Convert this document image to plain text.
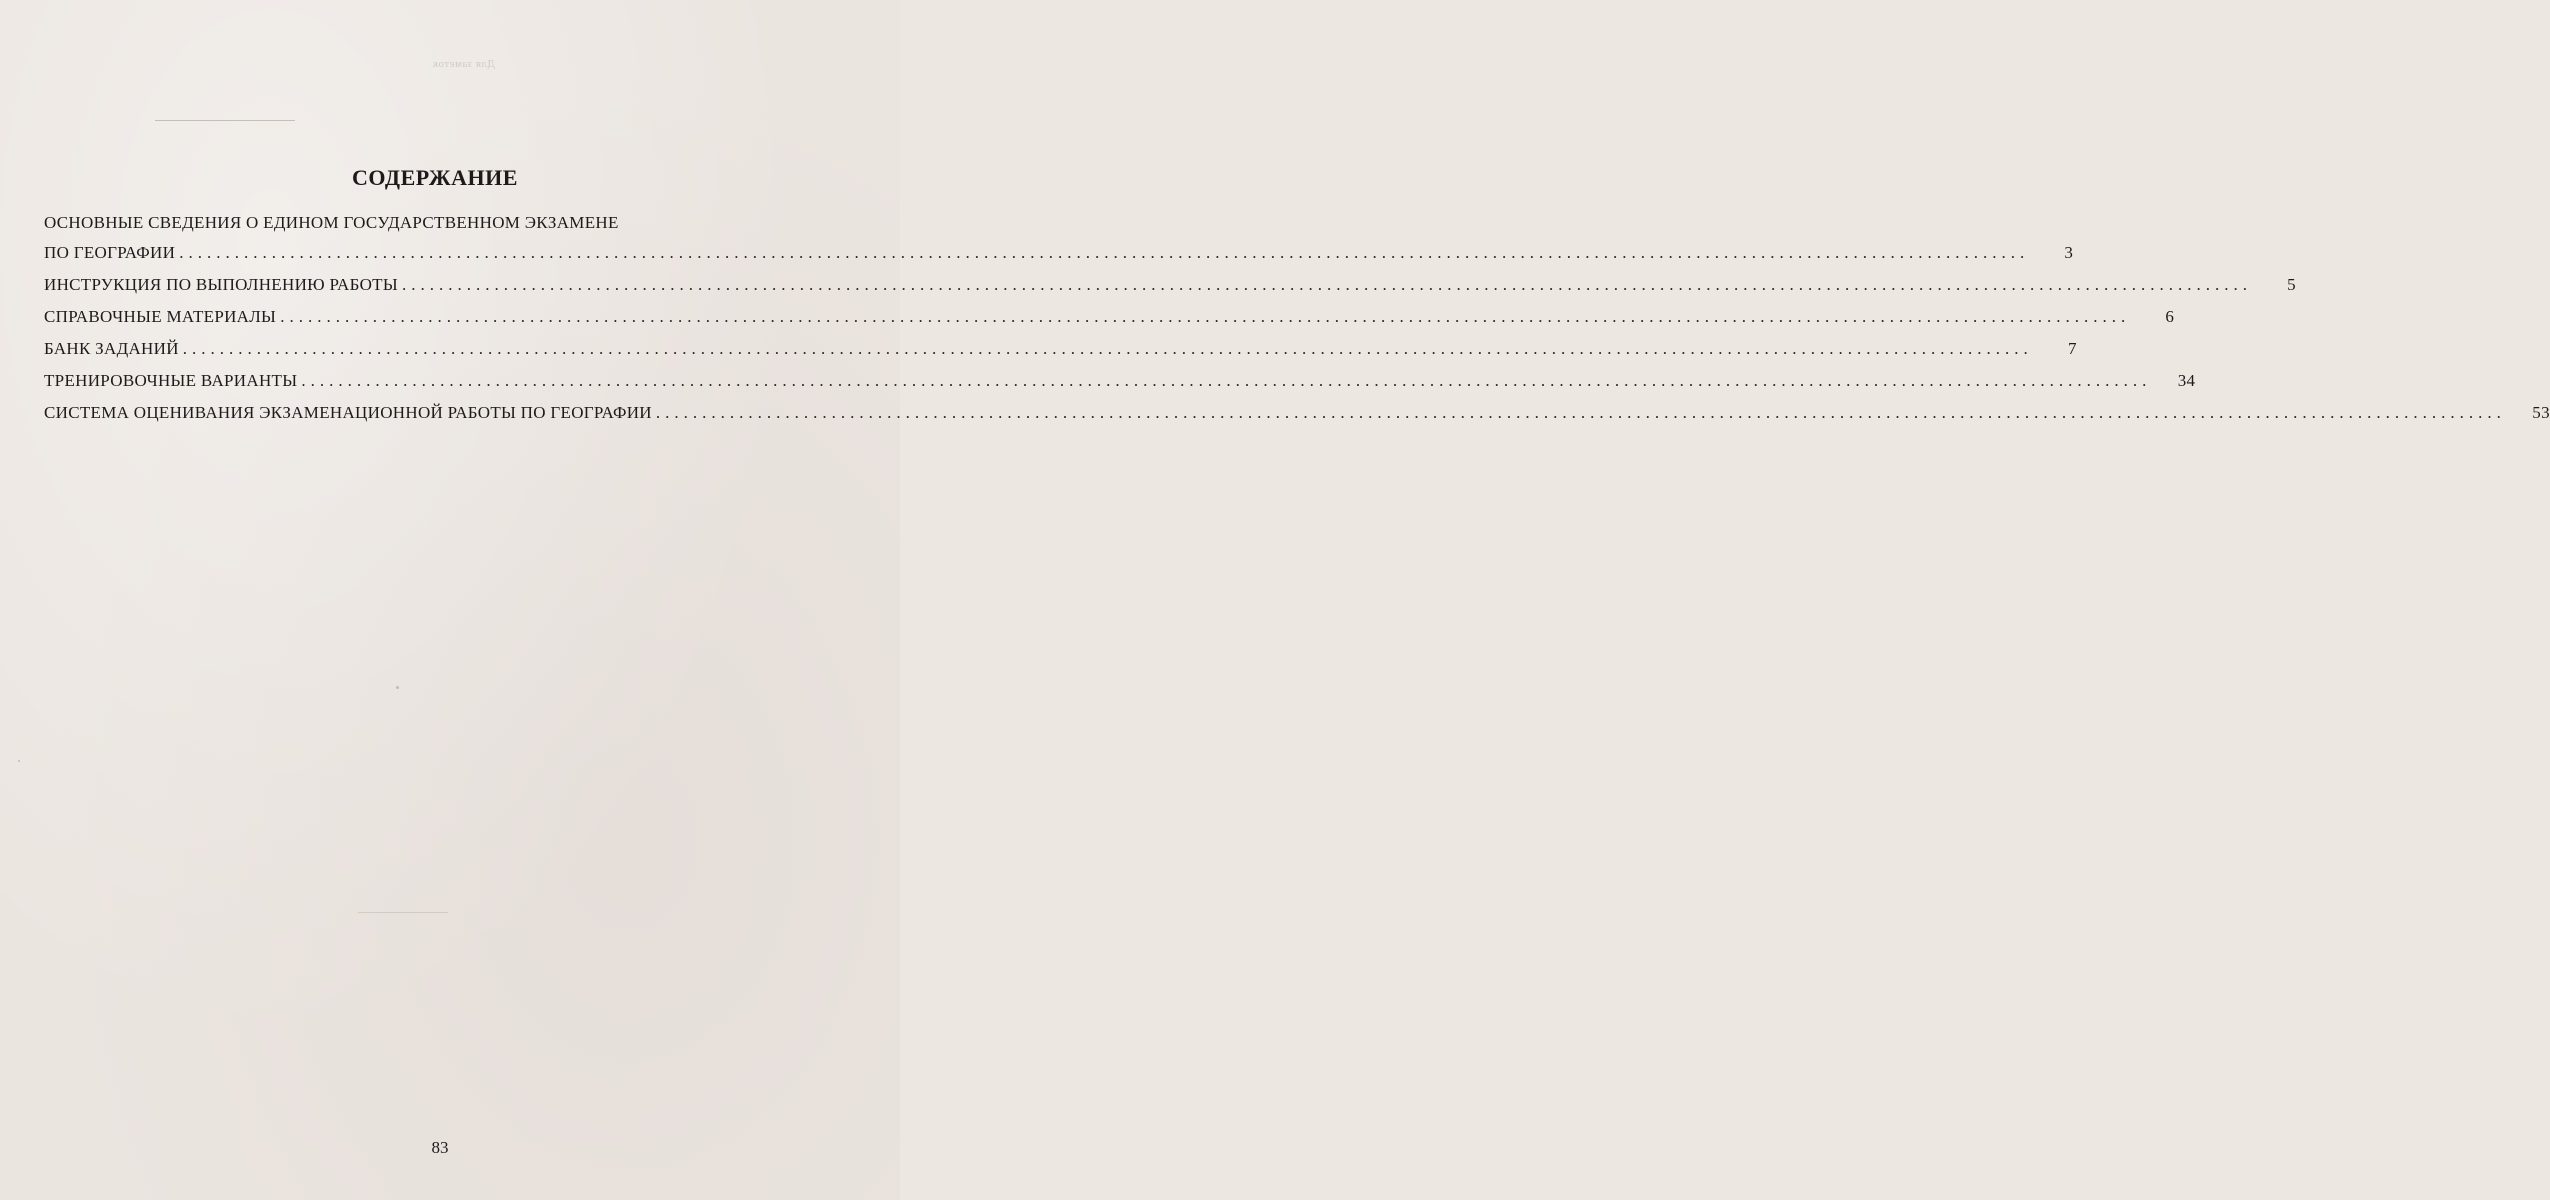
Для заметок
СОДЕРЖАНИЕ
ОСНОВНЫЕ СВЕДЕНИЯ О ЕДИНОМ ГОСУДАРСТВЕННОМ ЭКЗАМЕНЕ
ПО ГЕОГРАФИИ ........................................................................................................................................................................................................	3
ИНСТРУКЦИЯ ПО ВЫПОЛНЕНИЮ РАБОТЫ ........................................................................................................................................................................................................	5
СПРАВОЧНЫЕ МАТЕРИАЛЫ ........................................................................................................................................................................................................	6
БАНК ЗАДАНИЙ ........................................................................................................................................................................................................	7
ТРЕНИРОВОЧНЫЕ ВАРИАНТЫ ........................................................................................................................................................................................................	34
СИСТЕМА ОЦЕНИВАНИЯ ЭКЗАМЕНАЦИОННОЙ РАБОТЫ ПО ГЕОГРАФИИ ........................................................................................................................................................................................................	53
83
